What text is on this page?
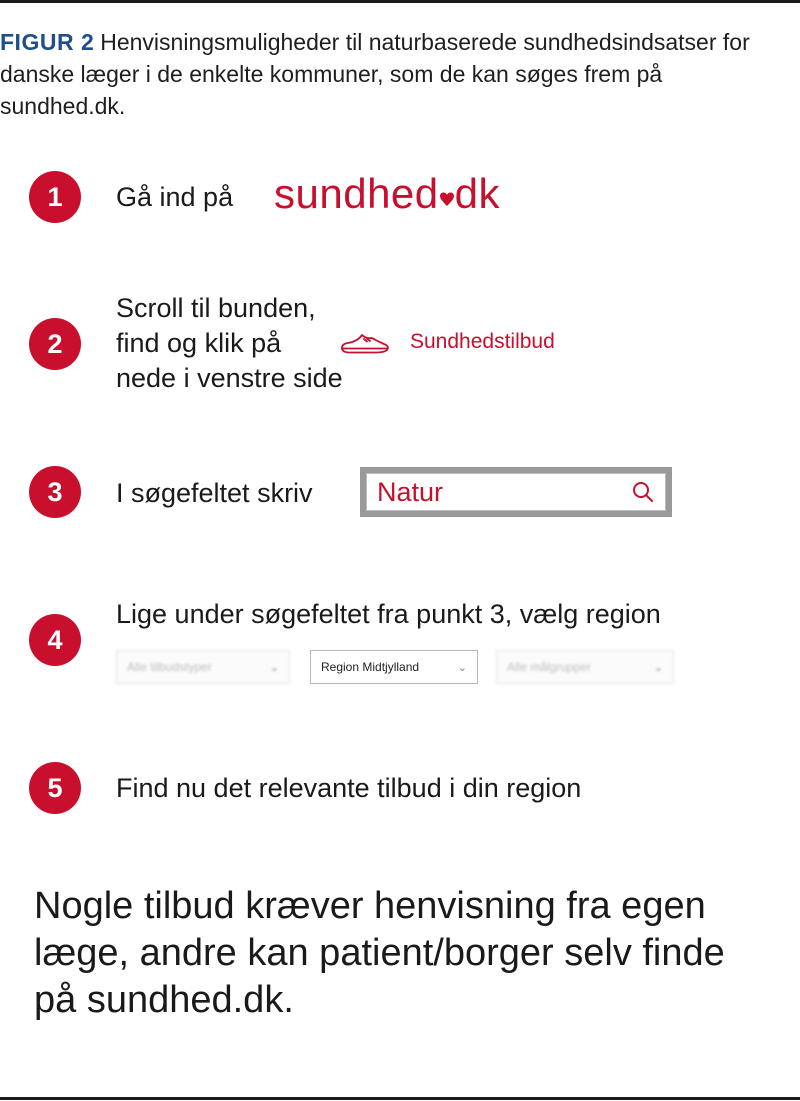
FIGUR 2 Henvisningsmuligheder til naturbaserede sundhedsindsatser for danske læger i de enkelte kommuner, som de kan søges frem på sundhed.dk.
1	Gå ind på sundhed dk
2
Scroll til bunden,
find og klik på
nede i venstre side
Sundhedstilbud
3	I søgefeltet skriv Natur
4
Lige under søgefeltet fra punkt 3, vælg region
Alle tilbudstyper	⌄	Region Midtjylland	⌄	Alle målgrupper	⌄
5	Find nu det relevante tilbud i din region
Nogle tilbud kræver henvisning fra egen læge, andre kan patient/borger selv finde på sundhed.dk.
